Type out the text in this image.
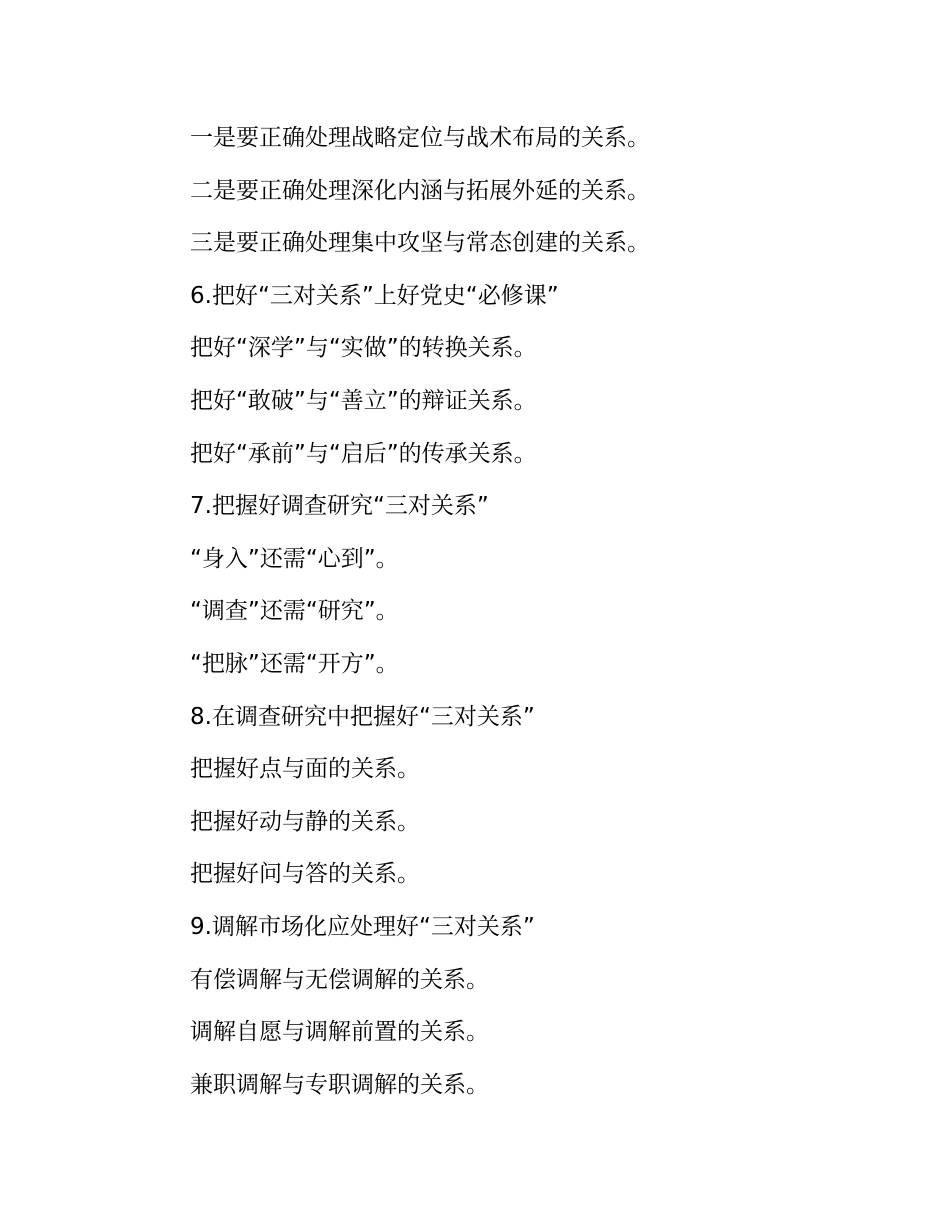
一是要正确处理战略定位与战术布局的关系。

二是要正确处理深化内涵与拓展外延的关系。

三是要正确处理集中攻坚与常态创建的关系。

6.把好“三对关系”上好党史“必修课”

把好“深学”与“实做”的转换关系。

把好“敢破”与“善立”的辩证关系。

把好“承前”与“启后”的传承关系。

7.把握好调查研究“三对关系”

“身入”还需“心到”。

“调查”还需“研究”。

“把脉”还需“开方”。

8.在调查研究中把握好“三对关系”

把握好点与面的关系。

把握好动与静的关系。

把握好问与答的关系。

9.调解市场化应处理好“三对关系”

有偿调解与无偿调解的关系。

调解自愿与调解前置的关系。

兼职调解与专职调解的关系。
